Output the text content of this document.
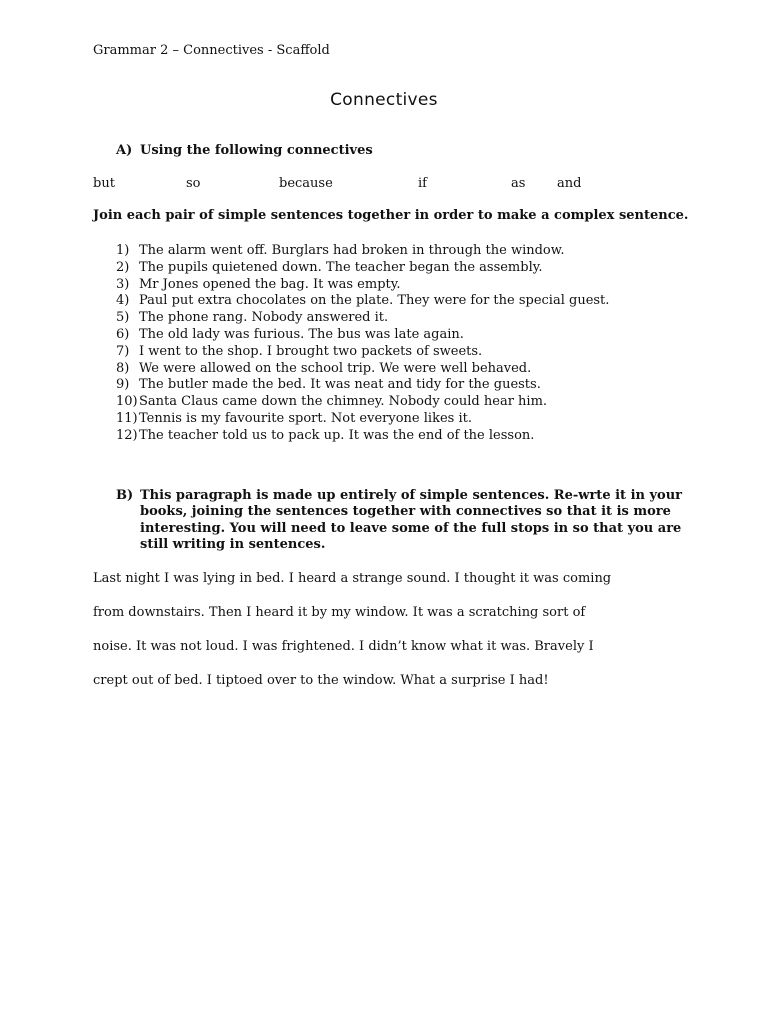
Grammar 2 – Connectives - Scaffold
Connectives
A) Using the following connectives
but	so	because	if	as and
Join each pair of simple sentences together in order to make a complex sentence.
1) The alarm went off. Burglars had broken in through the window.
2) The pupils quietened down. The teacher began the assembly.
3) Mr Jones opened the bag. It was empty.
4) Paul put extra chocolates on the plate. They were for the special guest.
5) The phone rang. Nobody answered it.
6) The old lady was furious. The bus was late again.
7) I went to the shop. I brought two packets of sweets.
8) We were allowed on the school trip. We were well behaved.
9) The butler made the bed. It was neat and tidy for the guests.
10)Santa Claus came down the chimney. Nobody could hear him.
11)Tennis is my favourite sport. Not everyone likes it.
12)The teacher told us to pack up. It was the end of the lesson.
B) This paragraph is made up entirely of simple sentences. Re-wrte it in your books, joining the sentences together with connectives so that it is more interesting. You will need to leave some of the full stops in so that you are still writing in sentences.
Last night I was lying in bed. I heard a strange sound. I thought it was coming
from downstairs. Then I heard it by my window. It was a scratching sort of
noise. It was not loud. I was frightened. I didn’t know what it was. Bravely I
crept out of bed. I tiptoed over to the window. What a surprise I had!
